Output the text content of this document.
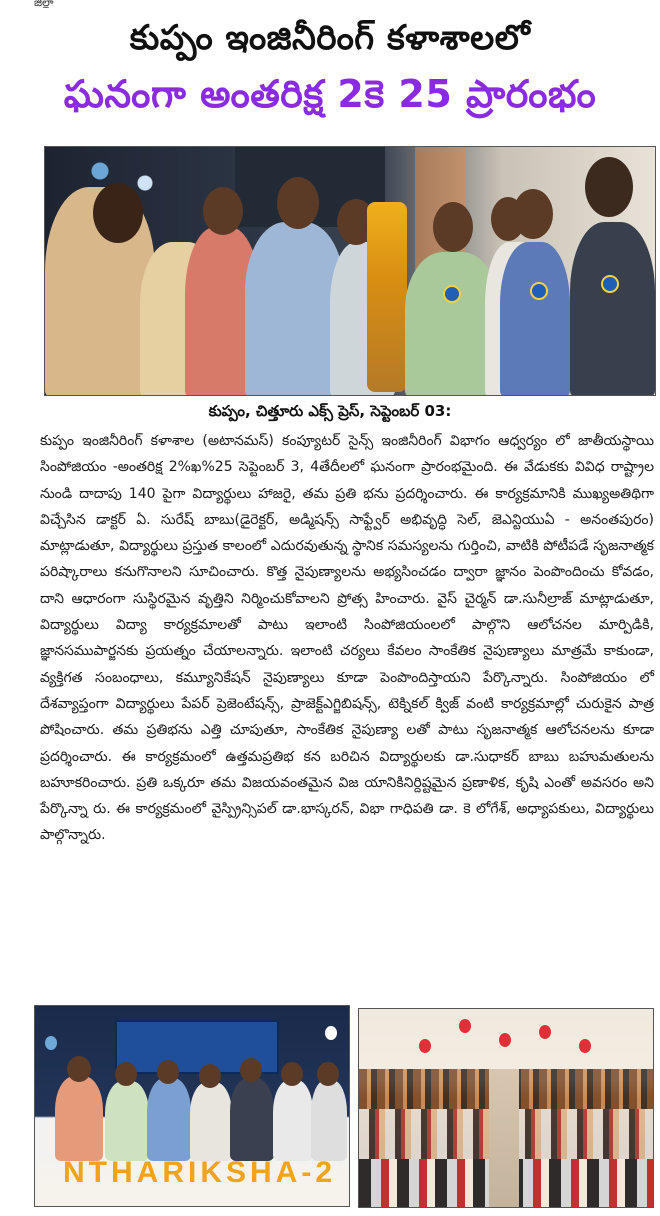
జిల్లా
కుప్పం ఇంజినీరింగ్ కళాశాలలో
ఘనంగా అంతరిక్ష 2కె 25 ప్రారంభం
కుప్పం, చిత్తూరు ఎక్స్ ప్రెస్, సెప్టెంబర్ 03:
కుప్పం ఇంజినీరింగ్ కళాశాల (అటానమస్) కంప్యూటర్ సైన్స్ ఇంజినీరింగ్ విభాగం ఆధ్వర్యం లో జాతీయస్థాయి సింపోజియం -అంతరిక్ష 2%ఖ%25 సెప్టెంబర్ 3, 4తేదీలలో ఘనంగా ప్రారంభమైంది. ఈ వేడుకకు వివిధ రాష్ట్రాల నుండి దాదాపు 140 పైగా విద్యార్థులు హాజరై, తమ ప్రతి భను ప్రదర్శించారు. ఈ కార్యక్రమానికి ముఖ్యఅతిథిగా విచ్చేసిన డాక్టర్ ఏ. సురేష్ బాబు(డైరెక్టర్, అడ్మిషన్స్ సాఫ్ట్వేర్ అభివృద్ధి సెల్, జెఎన్టియుఏ - అనంతపురం) మాట్లాడుతూ, విద్యార్థులు ప్రస్తుత కాలంలో ఎదురవుతున్న స్థానిక సమస్యలను గుర్తించి, వాటికి పోటీపడే సృజనాత్మక పరిష్కారాలు కనుగొనాలని సూచించారు. కొత్త నైపుణ్యాలను అభ్యసించడం ద్వారా జ్ఞానం పెంపొందించు కోవడం, దాని ఆధారంగా సుస్థిరమైన వృత్తిని నిర్మించుకోవాలని ప్రోత్స హించారు. వైస్ చైర్మన్ డా.సునీల్రాజ్ మాట్లాడుతూ, విద్యార్థులు విద్యా కార్యక్రమాలతో పాటు ఇలాంటి సింపోజియంలలో పాల్గొని ఆలోచనల మార్పిడికి, జ్ఞానసముపార్జనకు ప్రయత్నం చేయాలన్నారు. ఇలాంటి చర్యలు కేవలం సాంకేతిక నైపుణ్యాలు మాత్రమే కాకుండా, వ్యక్తిగత సంబంధాలు, కమ్యూనికేషన్ నైపుణ్యాలు కూడా పెంపొందిస్తాయని పేర్కొన్నారు. సింపోజియం లో దేశవ్యాప్తంగా విద్యార్థులు పేపర్ ప్రెజెంటేషన్స్, ప్రాజెక్ట్ఎగ్జిబిషన్స్, టెక్నికల్ క్విజ్ వంటి కార్యక్రమాల్లో చురుకైన పాత్ర పోషించారు. తమ ప్రతిభను ఎత్తి చూపుతూ, సాంకేతిక నైపుణ్యా లతో పాటు సృజనాత్మక ఆలోచనలను కూడా ప్రదర్శించారు. ఈ కార్యక్రమంలో ఉత్తమప్రతిభ కన బరిచిన విద్యార్థులకు డా.సుధాకర్ బాబు బహుమతులను బహూకరించారు. ప్రతి ఒక్కరూ తమ విజయవంతమైన విజ యానికినిర్దిష్టమైన ప్రణాళిక, కృషి ఎంతో అవసరం అని పేర్కొన్నా రు. ఈ కార్యక్రమంలో వైస్ప్రిన్సిపల్ డా.భాస్కరన్, విభా గాధిపతి డా. కె లోగేశ్, అధ్యాపకులు, విద్యార్థులు పాల్గొన్నారు.
NTHARIKSHA-2
